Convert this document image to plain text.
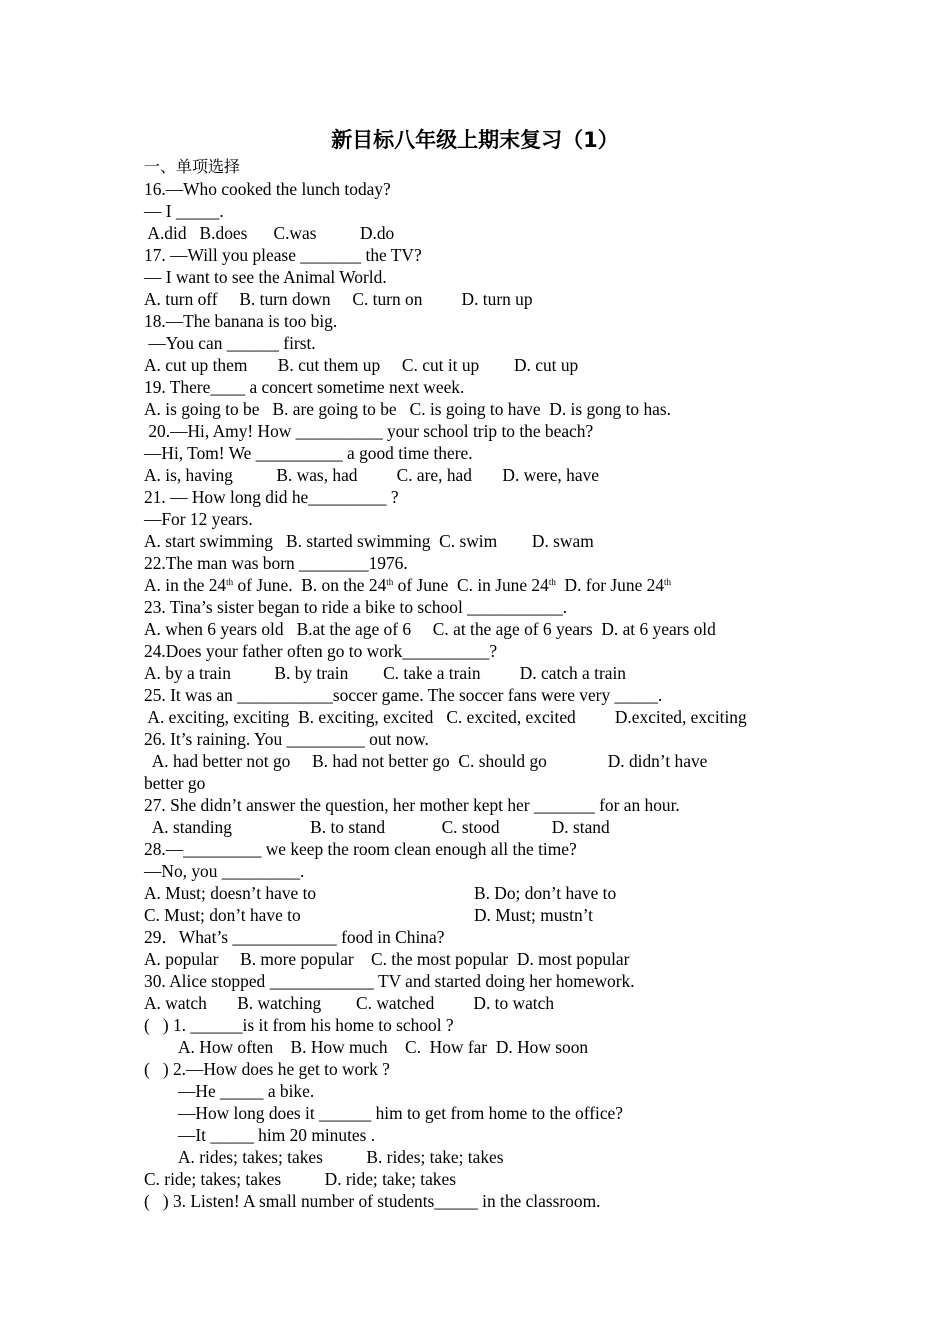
新目标八年级上期末复习（1）
一、单项选择
16.—Who cooked the lunch today?
— I _____.
A.did   B.does      C.was          D.do
17. —Will you please _______ the TV?
— I want to see the Animal World.
A. turn off     B. turn down     C. turn on         D. turn up
18.—The banana is too big.
—You can ______ first.
A. cut up them       B. cut them up     C. cut it up        D. cut up
19. There____ a concert sometime next week.
A. is going to be   B. are going to be   C. is going to have  D. is gong to has.
20.—Hi, Amy! How __________ your school trip to the beach?
—Hi, Tom! We __________ a good time there.
A. is, having          B. was, had         C. are, had       D. were, have
21. — How long did he_________ ?
—For 12 years.
A. start swimming   B. started swimming  C. swim        D. swam
22.The man was born ________1976.
A. in the 24th of June.  B. on the 24th of June  C. in June 24th  D. for June 24th
23. Tina’s sister began to ride a bike to school ___________.
A. when 6 years old   B.at the age of 6     C. at the age of 6 years  D. at 6 years old
24.Does your father often go to work__________?
A. by a train          B. by train        C. take a train         D. catch a train
25. It was an ___________soccer game. The soccer fans were very _____.
A. exciting, exciting  B. exciting, excited   C. excited, excited         D.excited, exciting
26. It’s raining. You _________ out now.
A. had better not go     B. had not better go  C. should go              D. didn’t have
better go
27. She didn’t answer the question, her mother kept her _______ for an hour.
A. standing                  B. to stand             C. stood            D. stand
28.—_________ we keep the room clean enough all the time?
—No, you _________.
A. Must; doesn’t have to	B. Do; don’t have to
C. Must; don’t have to	D. Must; mustn’t
29．What’s ____________ food in China?
A. popular     B. more popular    C. the most popular  D. most popular
30. Alice stopped ____________ TV and started doing her homework.
A. watch       B. watching        C. watched         D. to watch
(   ) 1. ______is it from his home to school ?
A. How often    B. How much    C.  How far  D. How soon
(   ) 2.—How does he get to work ?
—He _____ a bike.
—How long does it ______ him to get from home to the office?
—It _____ him 20 minutes .
A. rides; takes; takes          B. rides; take; takes
C. ride; takes; takes          D. ride; take; takes
(   ) 3. Listen! A small number of students_____ in the classroom.
